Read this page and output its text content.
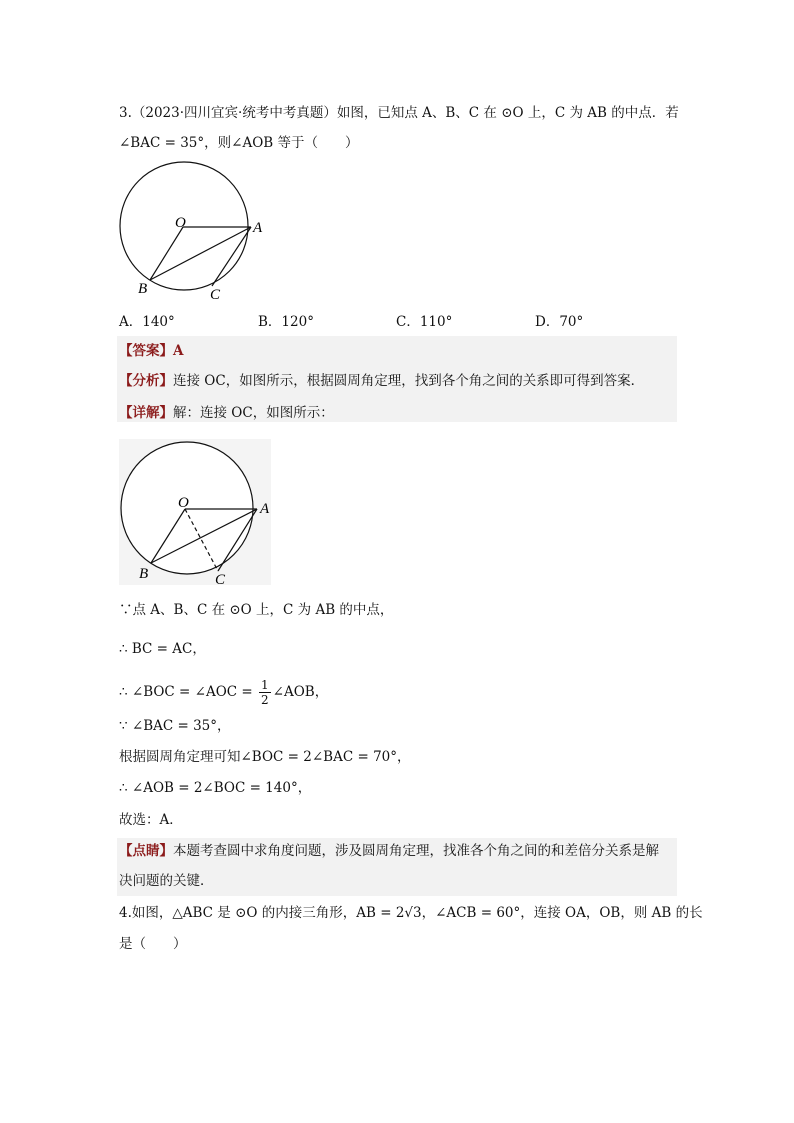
3.（2023·四川宜宾·统考中考真题）如图，已知点 A、B、C 在 ⊙O 上，C 为 AB 的中点．若
∠BAC = 35°，则∠AOB 等于（　　）
O	A
B	C
A．140°	B．120°	C．110°	D．70°
【答案】A
【分析】连接 OC，如图所示，根据圆周角定理，找到各个角之间的关系即可得到答案．
【详解】解：连接 OC，如图所示：
O	A
B	C
∵点 A、B、C 在 ⊙O 上，C 为 AB 的中点，
∴ BC = AC，
∴ ∠BOC = ∠AOC = $\frac{1}{2}$ ∠AOB，
∵ ∠BAC = 35°，
根据圆周角定理可知∠BOC = 2∠BAC = 70°，
∴ ∠AOB = 2∠BOC = 140°，
故选：A．
【点睛】本题考查圆中求角度问题，涉及圆周角定理，找准各个角之间的和差倍分关系是解
决问题的关键．
4.如图，△ABC 是 ⊙O 的内接三角形，AB = 2√3，∠ACB = 60°，连接 OA，OB，则 AB 的长
是（　　）
